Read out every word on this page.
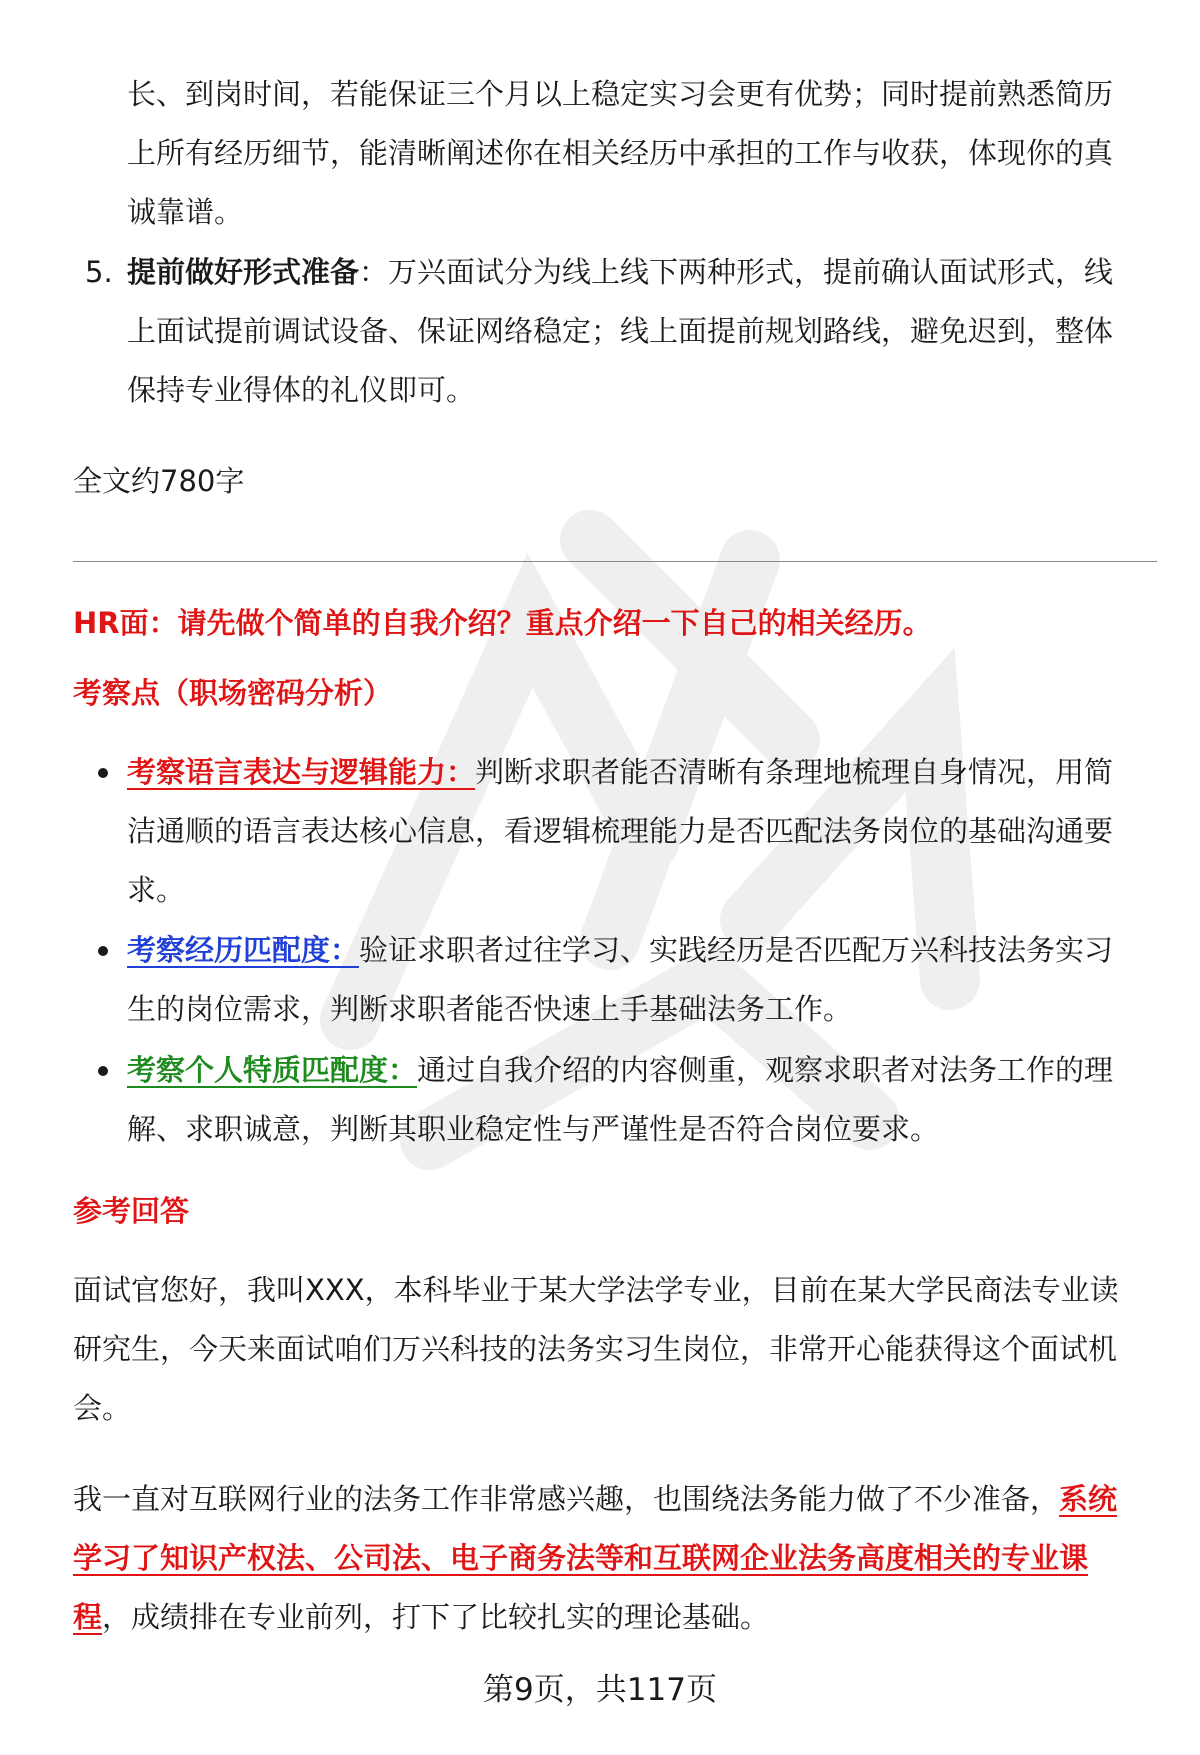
长、到岗时间，若能保证三个月以上稳定实习会更有优势；同时提前熟悉简历
上所有经历细节，能清晰阐述你在相关经历中承担的工作与收获，体现你的真
诚靠谱。
5. 提前做好形式准备：万兴面试分为线上线下两种形式，提前确认面试形式，线
上面试提前调试设备、保证网络稳定；线上面提前规划路线，避免迟到，整体
保持专业得体的礼仪即可。
全文约780字
HR面：请先做个简单的自我介绍？重点介绍一下自己的相关经历。
考察点（职场密码分析）
考察语言表达与逻辑能力：判断求职者能否清晰有条理地梳理自身情况，用简
洁通顺的语言表达核心信息，看逻辑梳理能力是否匹配法务岗位的基础沟通要
求。
考察经历匹配度：验证求职者过往学习、实践经历是否匹配万兴科技法务实习
生的岗位需求，判断求职者能否快速上手基础法务工作。
考察个人特质匹配度：通过自我介绍的内容侧重，观察求职者对法务工作的理
解、求职诚意，判断其职业稳定性与严谨性是否符合岗位要求。
参考回答
面试官您好，我叫XXX，本科毕业于某大学法学专业，目前在某大学民商法专业读
研究生，今天来面试咱们万兴科技的法务实习生岗位，非常开心能获得这个面试机
会。
我一直对互联网行业的法务工作非常感兴趣，也围绕法务能力做了不少准备，系统
学习了知识产权法、公司法、电子商务法等和互联网企业法务高度相关的专业课
程，成绩排在专业前列，打下了比较扎实的理论基础。
第9页，共117页
